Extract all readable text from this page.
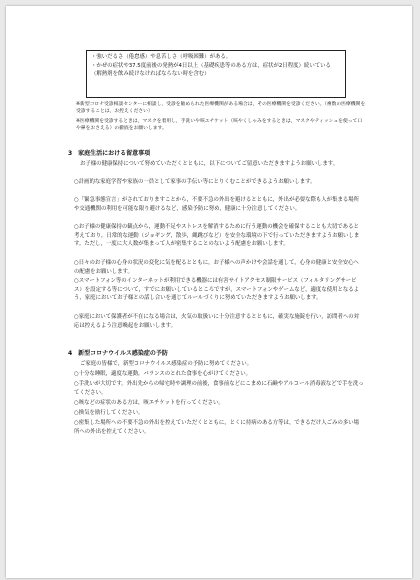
・強いだるさ（倦怠感）や息苦しさ（呼吸困難）がある。

・かぜの症状や37.5度前後の発熱が4日以上（基礎疾患等のある方は，症状が2日程度）続いている（解熱剤を飲み続けなければならない時を含む）

※新型コロナ受診相談センターに相談し，受診を勧められた医療機関がある場合は，その医療機関を受診ください。（複数の医療機関を受診することは，お控えください）
※医療機関を受診するときは，マスクを着用し，手洗いや咳エチケット（咳やくしゃみをするときは，マスクやティッシュを使って口や鼻をおさえる）の徹底をお願いします。
3　家庭生活における留意事項
お子様の健康保持について努めていただくとともに，以下についてご留意いただきますようお願いします。
○計画的な家庭学習や家族の一員として家事の手伝い等にとりくむことができるようお願いします。
○「緊急事態宣言」がされておりますことから，不要不急の外出を避けるとともに，外出が必要な際も人が集まる場所や交通機関の利用を可能な限り避けるなど，感染予防に努め，健康に十分注意してください。
○お子様の健康保持の観点から，運動不足やストレスを解消するために行う運動の機会を確保することも大切であると考えており，日常的な運動（ジョギング，散歩，縄跳びなど）を安全な環境の下で行っていただきますようお願いします。ただし，一度に大人数が集まって人が密集することのないよう配慮をお願いします。
○日々のお子様の心身の状況の変化に気を配るとともに，お子様への声かけや会話を通して，心身の健康と安全安心への配慮をお願いします。
○スマートフォン等のインターネットが利用できる機器には有害サイトアクセス制限サービス（フィルタリングサービス）を設定する等について，すでにお願いしているところですが，スマートフォンやゲームなど，適度な使用となるよう，家庭においてお子様との話し合いを通じてルールづくりに努めていただきますようお願いします。
○家庭において保護者が不在になる場合は，火気の取扱いに十分注意するとともに，確実な施錠を行い，訪問者への対応は控えるよう注意喚起をお願いします。
4　新型コロナウイルス感染症の予防
ご家庭の皆様で，新型コロナウイルス感染症の予防に努めてください。
○十分な睡眠，適度な運動，バランスのとれた食事を心がけてください。
○手洗いが大切です。外出先からの帰宅時や調理の前後，食事前などにこまめに石鹸やアルコール消毒液などで手を洗ってください。
○咳などの症状のある方は，咳エチケットを行ってください。
○換気を励行してください。
○密集した場所への不要不急の外出を控えていただくとともに，とくに持病のある方等は，できるだけ人ごみの多い場所への外出を控えてください。
